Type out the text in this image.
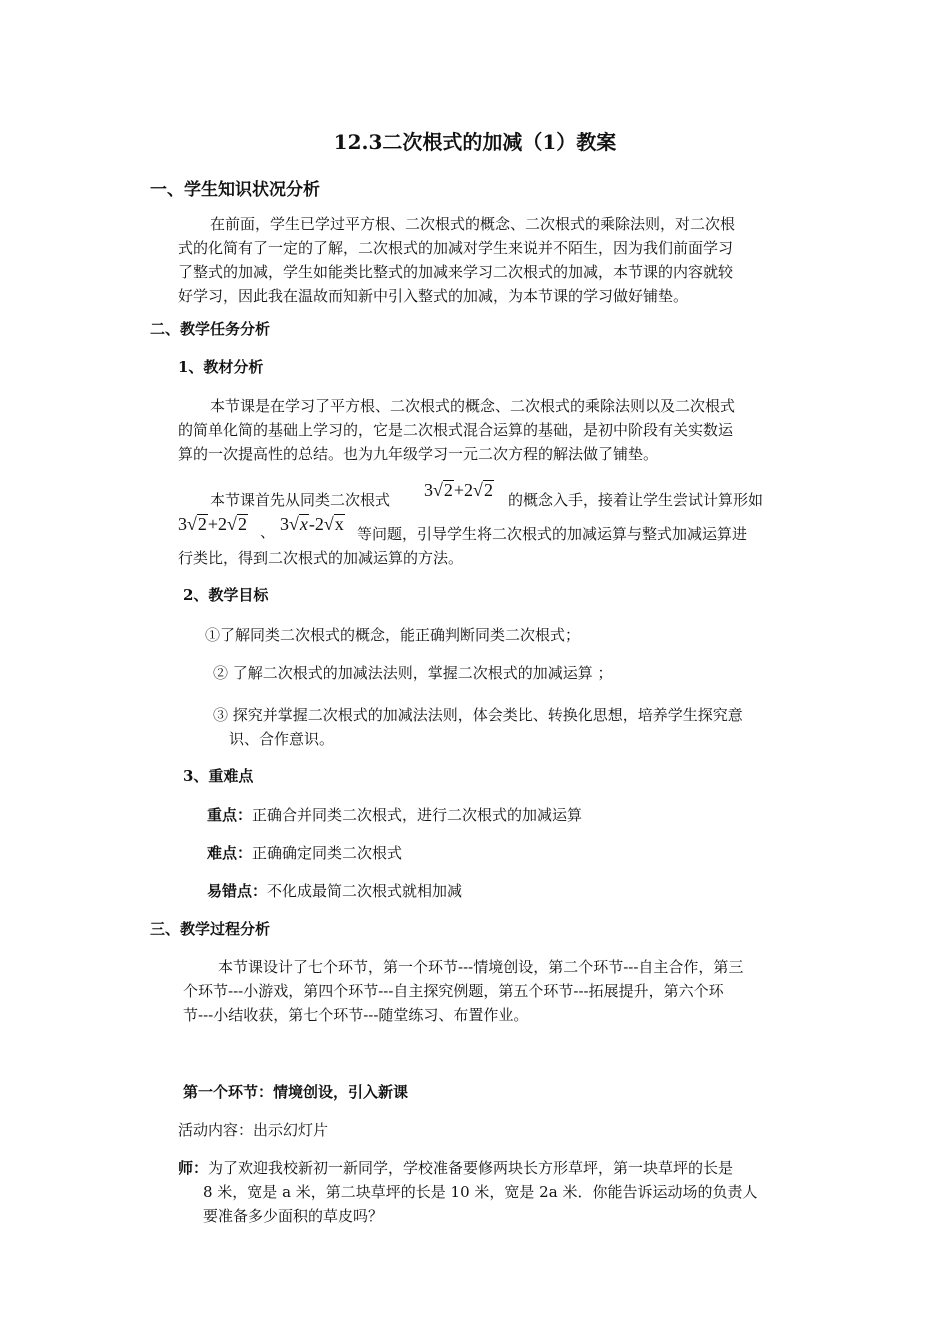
12.3二次根式的加减（1）教案
一、学生知识状况分析
在前面，学生已学过平方根、二次根式的概念、二次根式的乘除法则，对二次根
式的化简有了一定的了解，二次根式的加减对学生来说并不陌生，因为我们前面学习
了整式的加减，学生如能类比整式的加减来学习二次根式的加减，本节课的内容就较
好学习，因此我在温故而知新中引入整式的加减，为本节课的学习做好铺垫。
二、教学任务分析
1、教材分析
本节课是在学习了平方根、二次根式的概念、二次根式的乘除法则以及二次根式
的简单化简的基础上学习的，它是二次根式混合运算的基础，是初中阶段有关实数运
算的一次提高性的总结。也为九年级学习一元二次方程的解法做了铺垫。
本节课首先从同类二次根式 3√2+2√2 的概念入手，接着让学生尝试计算形如
3√2+2√2 、 3√x-2√x 等问题，引导学生将二次根式的加减运算与整式加减运算进
行类比，得到二次根式的加减运算的方法。
2、教学目标
①了解同类二次根式的概念，能正确判断同类二次根式；
② 了解二次根式的加减法法则，掌握二次根式的加减运算 ；
③ 探究并掌握二次根式的加减法法则，体会类比、转换化思想，培养学生探究意
识、合作意识。
3、重难点
重点：正确合并同类二次根式，进行二次根式的加减运算
难点：正确确定同类二次根式
易错点：不化成最简二次根式就相加减
三、教学过程分析
本节课设计了七个环节，第一个环节---情境创设，第二个环节---自主合作，第三
个环节---小游戏，第四个环节---自主探究例题，第五个环节---拓展提升，第六个环
节---小结收获，第七个环节---随堂练习、布置作业。
第一个环节：情境创设，引入新课
活动内容：出示幻灯片
师：为了欢迎我校新初一新同学，学校准备要修两块长方形草坪，第一块草坪的长是
8 米，宽是 a 米，第二块草坪的长是 10 米，宽是 2a 米．你能告诉运动场的负责人
要准备多少面积的草皮吗？
